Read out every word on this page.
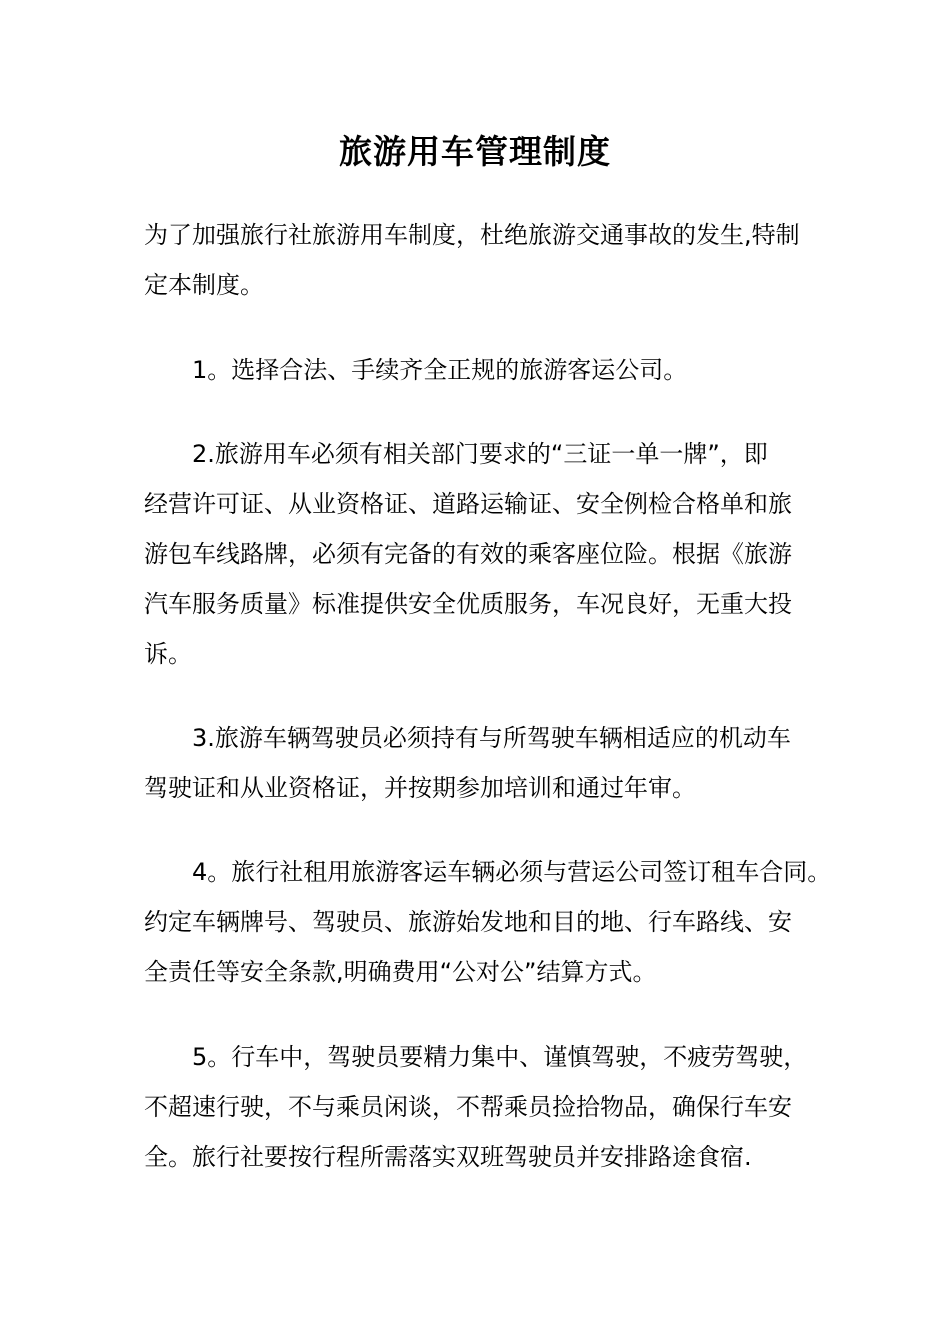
旅游用车管理制度
为了加强旅行社旅游用车制度，杜绝旅游交通事故的发生,特制
定本制度。
1。选择合法、手续齐全正规的旅游客运公司。
2.旅游用车必须有相关部门要求的“三证一单一牌”，即
经营许可证、从业资格证、道路运输证、安全例检合格单和旅
游包车线路牌，必须有完备的有效的乘客座位险。根据《旅游
汽车服务质量》标准提供安全优质服务，车况良好，无重大投
诉。
3.旅游车辆驾驶员必须持有与所驾驶车辆相适应的机动车
驾驶证和从业资格证，并按期参加培训和通过年审。
4。旅行社租用旅游客运车辆必须与营运公司签订租车合同。
约定车辆牌号、驾驶员、旅游始发地和目的地、行车路线、安
全责任等安全条款,明确费用“公对公”结算方式。
5。行车中，驾驶员要精力集中、谨慎驾驶，不疲劳驾驶，
不超速行驶，不与乘员闲谈，不帮乘员捡拾物品，确保行车安
全。旅行社要按行程所需落实双班驾驶员并安排路途食宿.
